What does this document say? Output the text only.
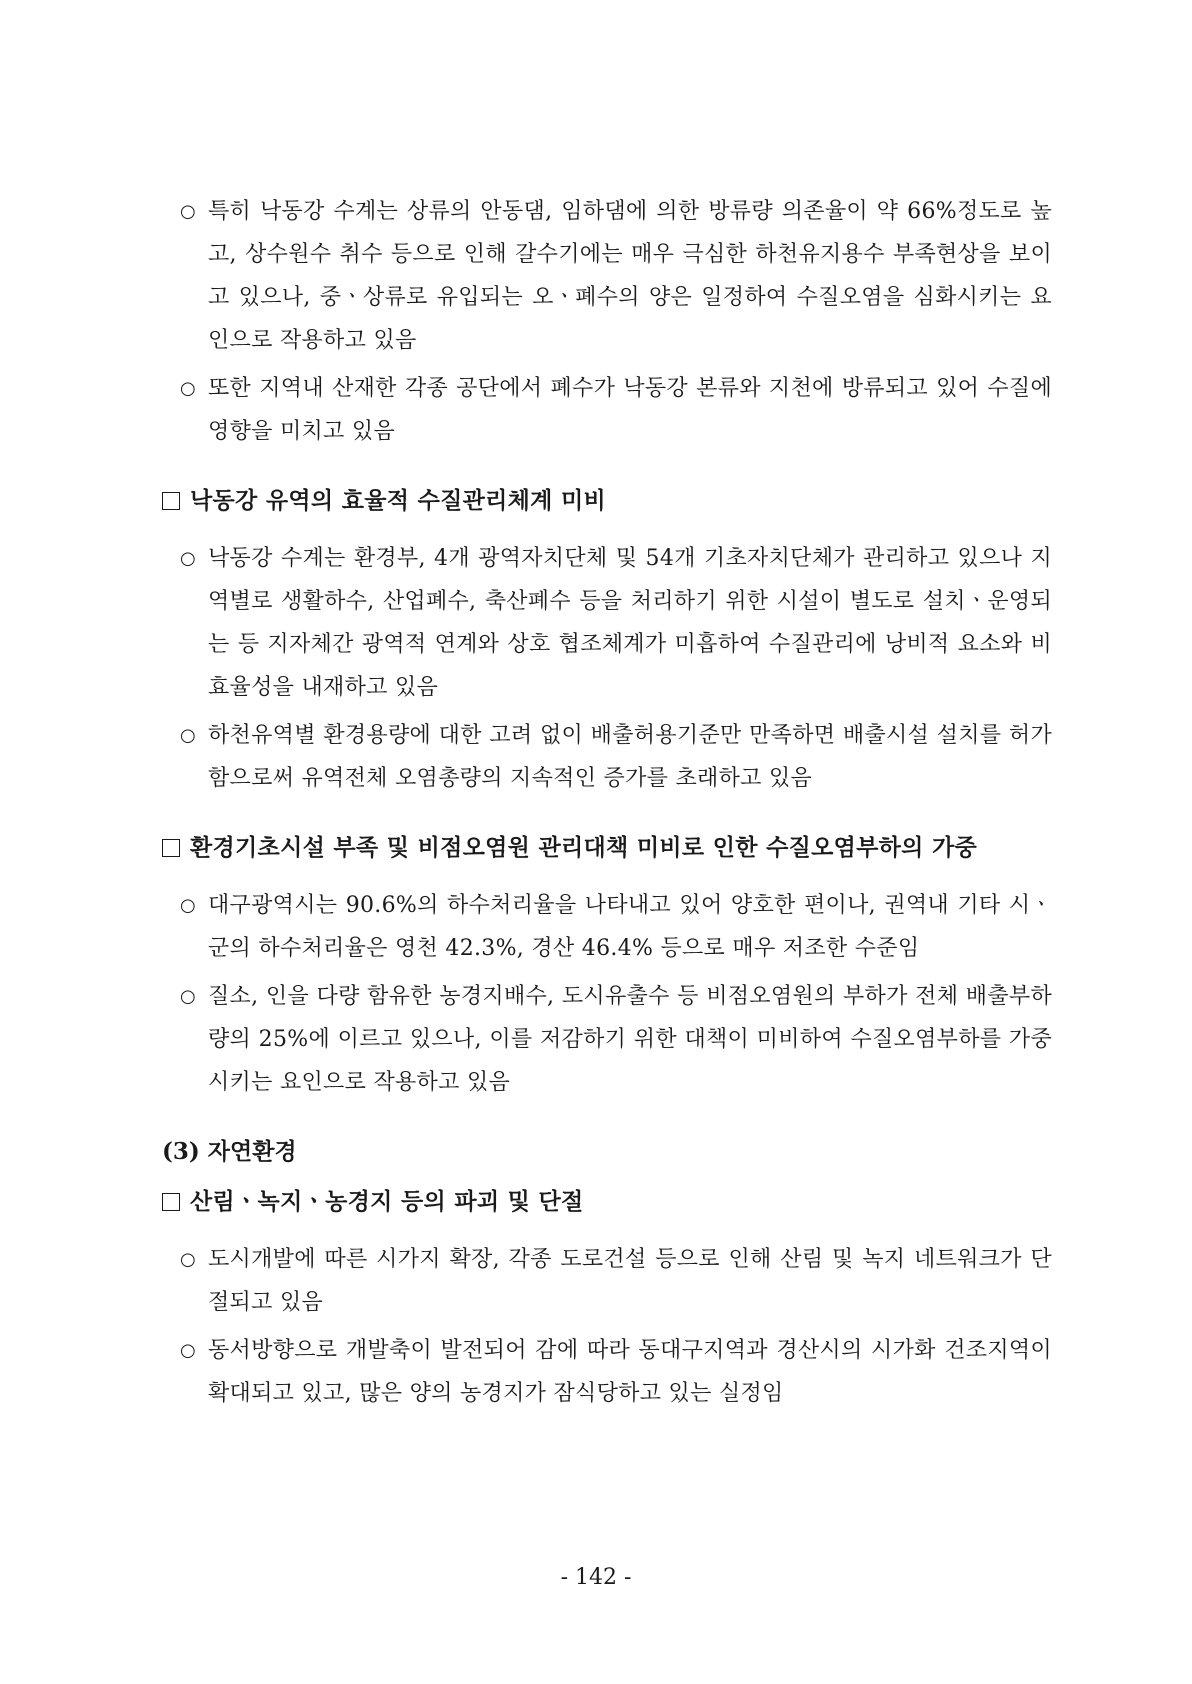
○ 특히 낙동강 수계는 상류의 안동댐, 임하댐에 의한 방류량 의존율이 약 66%정도로 높고, 상수원수 취수 등으로 인해 갈수기에는 매우 극심한 하천유지용수 부족현상을 보이고 있으나, 중ㆍ상류로 유입되는 오ㆍ폐수의 양은 일정하여 수질오염을 심화시키는 요인으로 작용하고 있음

○ 또한 지역내 산재한 각종 공단에서 폐수가 낙동강 본류와 지천에 방류되고 있어 수질에 영향을 미치고 있음

낙동강 유역의 효율적 수질관리체계 미비

○ 낙동강 수계는 환경부, 4개 광역자치단체 및 54개 기초자치단체가 관리하고 있으나 지역별로 생활하수, 산업폐수, 축산폐수 등을 처리하기 위한 시설이 별도로 설치ㆍ운영되는 등 지자체간 광역적 연계와 상호 협조체계가 미흡하여 수질관리에 낭비적 요소와 비효율성을 내재하고 있음

○ 하천유역별 환경용량에 대한 고려 없이 배출허용기준만 만족하면 배출시설 설치를 허가함으로써 유역전체 오염총량의 지속적인 증가를 초래하고 있음

환경기초시설 부족 및 비점오염원 관리대책 미비로 인한 수질오염부하의 가중

○ 대구광역시는 90.6%의 하수처리율을 나타내고 있어 양호한 편이나, 권역내 기타 시ㆍ군의 하수처리율은 영천 42.3%, 경산 46.4% 등으로 매우 저조한 수준임

○ 질소, 인을 다량 함유한 농경지배수, 도시유출수 등 비점오염원의 부하가 전체 배출부하량의 25%에 이르고 있으나, 이를 저감하기 위한 대책이 미비하여 수질오염부하를 가중시키는 요인으로 작용하고 있음

(3) 자연환경
산림ㆍ녹지ㆍ농경지 등의 파괴 및 단절

○ 도시개발에 따른 시가지 확장, 각종 도로건설 등으로 인해 산림 및 녹지 네트워크가 단절되고 있음

○ 동서방향으로 개발축이 발전되어 감에 따라 동대구지역과 경산시의 시가화 건조지역이 확대되고 있고, 많은 양의 농경지가 잠식당하고 있는 실정임

- 142 -
